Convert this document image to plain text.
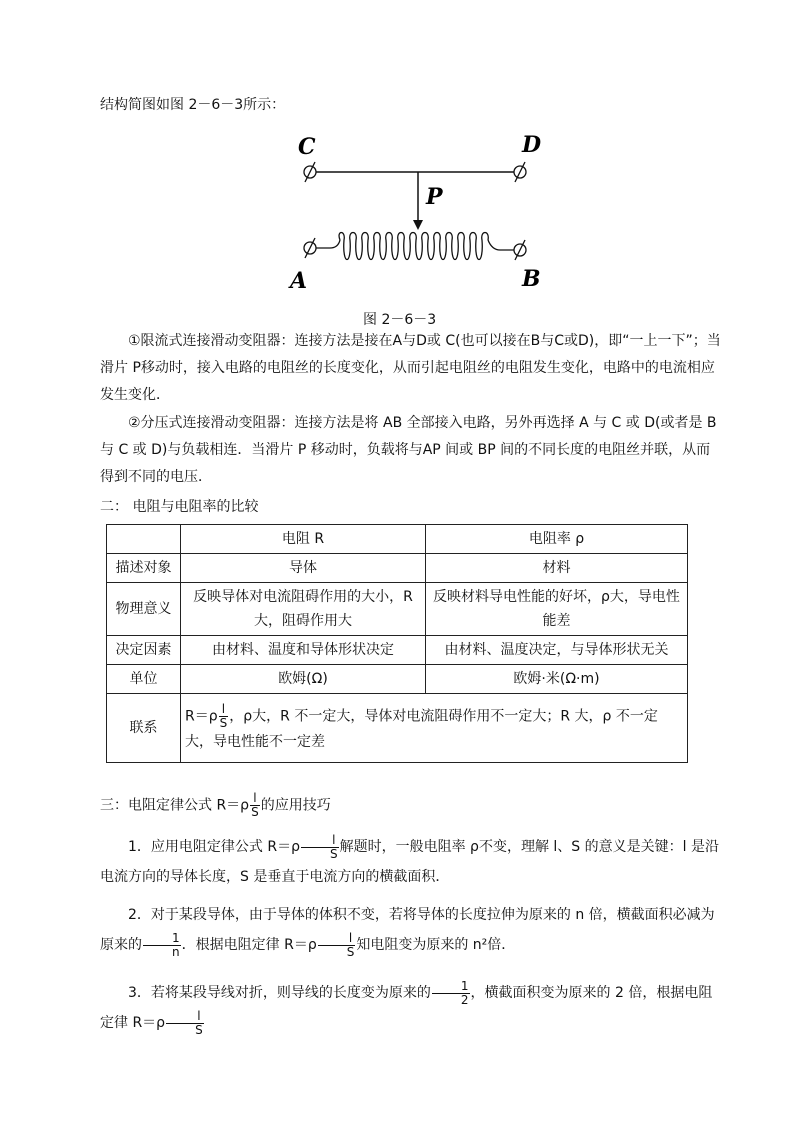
结构简图如图 2－6－3所示：
C	D
P
A	B
图 2－6－3
①限流式连接滑动变阻器：连接方法是接在A与D或 C(也可以接在B与C或D)，即“一上一下”；当滑片 P移动时，接入电路的电阻丝的长度变化，从而引起电阻丝的电阻发生变化，电路中的电流相应发生变化．
②分压式连接滑动变阻器：连接方法是将 AB 全部接入电路，另外再选择 A 与 C 或 D(或者是 B 与 C 或 D)与负载相连．当滑片 P 移动时，负载将与AP 间或 BP 间的不同长度的电阻丝并联，从而得到不同的电压．
二： 电阻与电阻率的比较
	电阻 R	电阻率 ρ
描述对象	导体	材料
物理意义	反映导体对电流阻碍作用的大小，R 大，阻碍作用大	反映材料导电性能的好坏，ρ大，导电性能差
决定因素	由材料、温度和导体形状决定	由材料、温度决定，与导体形状无关
单位	欧姆(Ω)	欧姆·米(Ω·m)
联系	$R=\rho \frac{l}{S}$ ，ρ大，R 不一定大，导体对电流阻碍作用不一定大；R 大，ρ 不一定大，导电性能不一定差	
三：电阻定律公式 $R=\rho \frac{l}{S}$ 的应用技巧
1．应用电阻定律公式 $R=\rho \frac{l}{S}$ 解题时，一般电阻率 ρ不变，理解 l、S 的意义是关键：l 是沿电流方向的导体长度，S 是垂直于电流方向的横截面积．
2．对于某段导体，由于导体的体积不变，若将导体的长度拉伸为原来的 n 倍，横截面积必减为原来的 $\frac{1}{n}$ ．根据电阻定律 $R=\rho \frac{l}{S}$ 知电阻变为原来的 n²倍．
3．若将某段导线对折，则导线的长度变为原来的 $\frac{1}{2}$ ，横截面积变为原来的 2 倍，根据电阻定律 $R=\rho \frac{l}{S}$
